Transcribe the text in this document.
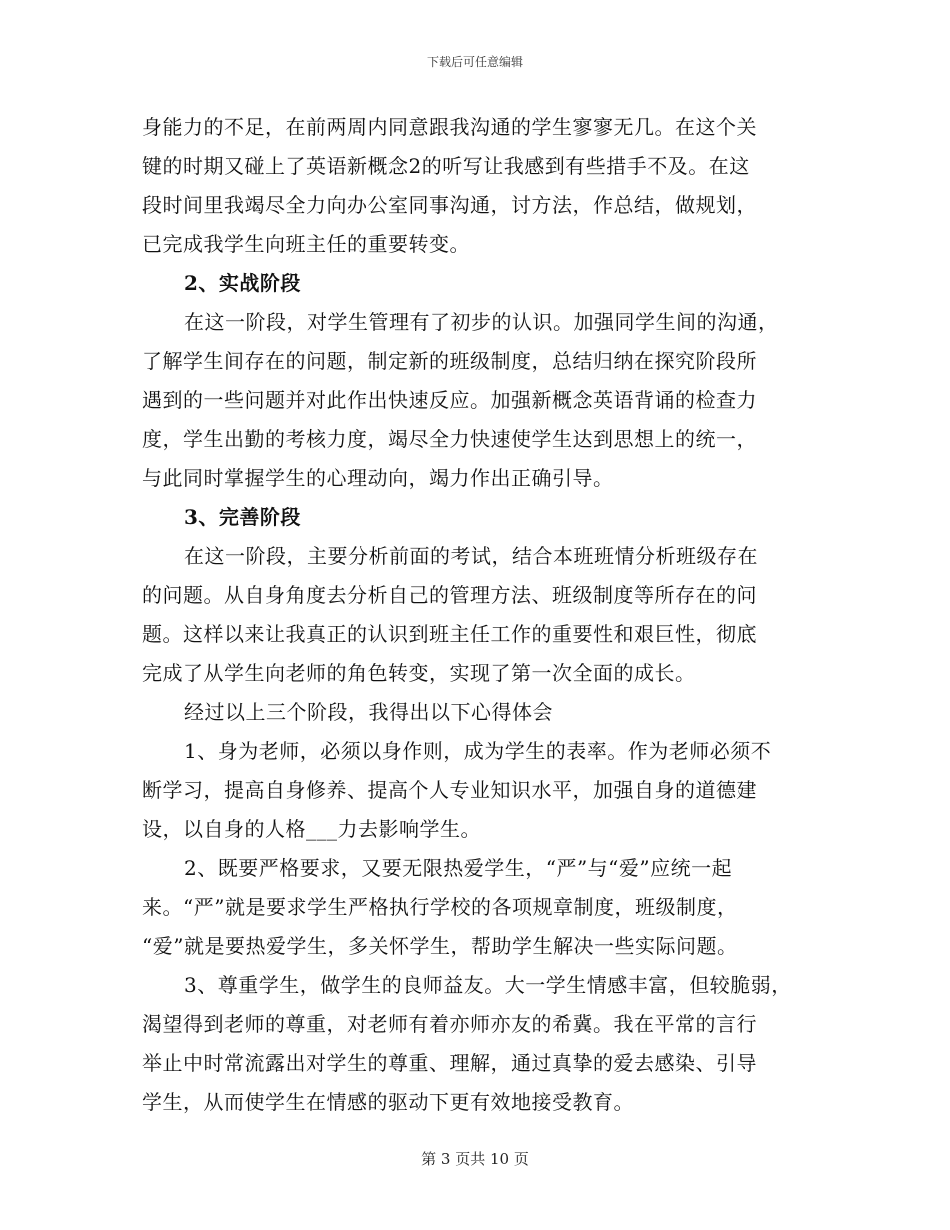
下载后可任意编辑
身能力的不足，在前两周内同意跟我沟通的学生寥寥无几。在这个关
键的时期又碰上了英语新概念2的听写让我感到有些措手不及。在这
段时间里我竭尽全力向办公室同事沟通，讨方法，作总结，做规划，
已完成我学生向班主任的重要转变。
2、实战阶段
在这一阶段，对学生管理有了初步的认识。加强同学生间的沟通，
了解学生间存在的问题，制定新的班级制度，总结归纳在探究阶段所
遇到的一些问题并对此作出快速反应。加强新概念英语背诵的检查力
度，学生出勤的考核力度，竭尽全力快速使学生达到思想上的统一，
与此同时掌握学生的心理动向，竭力作出正确引导。
3、完善阶段
在这一阶段，主要分析前面的考试，结合本班班情分析班级存在
的问题。从自身角度去分析自己的管理方法、班级制度等所存在的问
题。这样以来让我真正的认识到班主任工作的重要性和艰巨性，彻底
完成了从学生向老师的角色转变，实现了第一次全面的成长。
经过以上三个阶段，我得出以下心得体会
1、身为老师，必须以身作则，成为学生的表率。作为老师必须不
断学习，提高自身修养、提高个人专业知识水平，加强自身的道德建
设，以自身的人格___力去影响学生。
2、既要严格要求，又要无限热爱学生，“严”与“爱”应统一起
来。“严”就是要求学生严格执行学校的各项规章制度，班级制度，
“爱”就是要热爱学生，多关怀学生，帮助学生解决一些实际问题。
3、尊重学生，做学生的良师益友。大一学生情感丰富，但较脆弱，
渴望得到老师的尊重，对老师有着亦师亦友的希冀。我在平常的言行
举止中时常流露出对学生的尊重、理解，通过真挚的爱去感染、引导
学生，从而使学生在情感的驱动下更有效地接受教育。
第 3 页共 10 页
